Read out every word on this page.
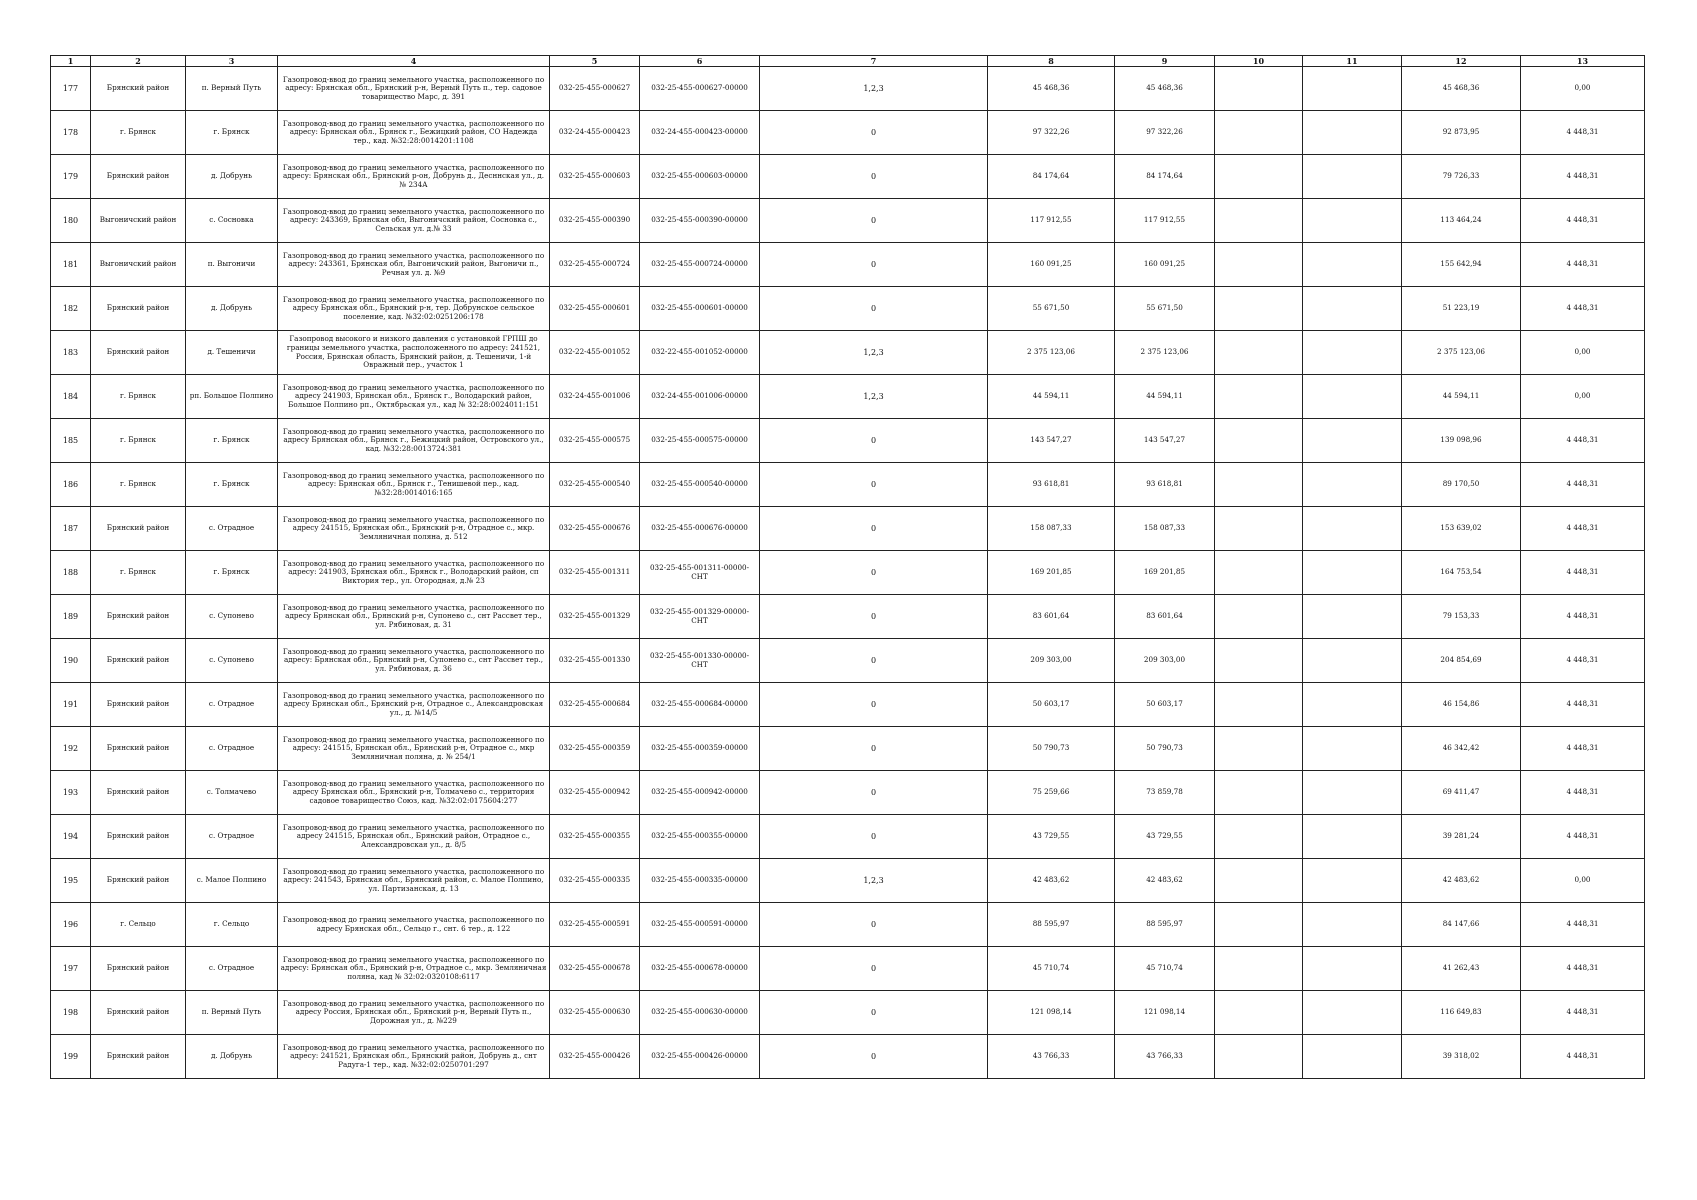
1	2	3	4	5	6	7	8	9	10	11	12	13
177	Брянский район	п. Верный Путь	Газопровод-ввод до границ земельного участка, расположенного по адресу: Брянская обл., Брянский р-н, Верный Путь п., тер. садовое товарищество Марс, д. 391	032-25-455-000627	032-25-455-000627-00000	1,2,3	45 468,36	45 468,36			45 468,36	0,00
178	г. Брянск	г. Брянск	Газопровод-ввод до границ земельного участка, расположенного по адресу: Брянская обл., Брянск г., Бежицкий район, СО Надежда тер., кад. №32:28:0014201:1108	032-24-455-000423	032-24-455-000423-00000	0	97 322,26	97 322,26			92 873,95	4 448,31
179	Брянский район	д. Добрунь	Газопровод-ввод до границ земельного участка, расположенного по адресу: Брянская обл., Брянский р-он, Добрунь д., Десннская ул., д. № 234А	032-25-455-000603	032-25-455-000603-00000	0	84 174,64	84 174,64			79 726,33	4 448,31
180	Выгоничский район	с. Сосновка	Газопровод-ввод до границ земельного участка, расположенного по адресу: 243369, Брянская обл, Выгоничский район, Сосновка с., Сельская ул. д.№ 33	032-25-455-000390	032-25-455-000390-00000	0	117 912,55	117 912,55			113 464,24	4 448,31
181	Выгоничский район	п. Выгоничи	Газопровод-ввод до границ земельного участка, расположенного по адресу: 243361, Брянская обл, Выгоничский район, Выгоничи п., Речная ул. д. №9	032-25-455-000724	032-25-455-000724-00000	0	160 091,25	160 091,25			155 642,94	4 448,31
182	Брянский район	д. Добрунь	Газопровод-ввод до границ земельного участка, расположенного по адресу Брянская обл., Брянский р-н, тер. Добрунское сельское поселение, кад. №32:02:0251206:178	032-25-455-000601	032-25-455-000601-00000	0	55 671,50	55 671,50			51 223,19	4 448,31
183	Брянский район	д. Тешеничи	Газопровод высокого и низкого давления с установкой ГРПШ до границы земельного участка, расположенного по адресу: 241521, Россия, Брянская область, Брянский район, д. Тешеничи, 1-й Овражный пер., участок 1	032-22-455-001052	032-22-455-001052-00000	1,2,3	2 375 123,06	2 375 123,06			2 375 123,06	0,00
184	г. Брянск	рп. Большое Полпино	Газопровод-ввод до границ земельного участка, расположенного по адресу 241903, Брянская обл., Брянск г., Володарский район, Большое Полпино рп., Октябрьская ул., кад № 32:28:0024011:151	032-24-455-001006	032-24-455-001006-00000	1,2,3	44 594,11	44 594,11			44 594,11	0,00
185	г. Брянск	г. Брянск	Газопровод-ввод до границ земельного участка, расположенного по адресу Брянская обл., Брянск г., Бежицкий район, Островского ул., кад. №32:28:0013724:381	032-25-455-000575	032-25-455-000575-00000	0	143 547,27	143 547,27			139 098,96	4 448,31
186	г. Брянск	г. Брянск	Газопровод-ввод до границ земельного участка, расположенного по адресу: Брянская обл., Брянск г., Тенишевой пер., кад. №32:28:0014016:165	032-25-455-000540	032-25-455-000540-00000	0	93 618,81	93 618,81			89 170,50	4 448,31
187	Брянский район	с. Отрадное	Газопровод-ввод до границ земельного участка, расположенного по адресу 241515, Брянская обл., Брянский р-н, Отрадное с., мкр. Земляничная поляна, д. 512	032-25-455-000676	032-25-455-000676-00000	0	158 087,33	158 087,33			153 639,02	4 448,31
188	г. Брянск	г. Брянск	Газопровод-ввод до границ земельного участка, расположенного по адресу: 241903, Брянская обл., Брянск г., Володарский район, сп Виктория тер., ул. Огородная, д.№ 23	032-25-455-001311	032-25-455-001311-00000-СНТ	0	169 201,85	169 201,85			164 753,54	4 448,31
189	Брянский район	с. Супонево	Газопровод-ввод до границ земельного участка, расположенного по адресу Брянская обл., Брянский р-н, Супонево с., снт Рассвет тер., ул. Рябиновая, д. 31	032-25-455-001329	032-25-455-001329-00000-СНТ	0	83 601,64	83 601,64			79 153,33	4 448,31
190	Брянский район	с. Супонево	Газопровод-ввод до границ земельного участка, расположенного по адресу: Брянская обл., Брянский р-н, Супонево с., снт Рассвет тер., ул. Рябиновая, д. 36	032-25-455-001330	032-25-455-001330-00000-СНТ	0	209 303,00	209 303,00			204 854,69	4 448,31
191	Брянский район	с. Отрадное	Газопровод-ввод до границ земельного участка, расположенного по адресу Брянская обл., Брянский р-н, Отрадное с., Александровская ул., д. №14/5	032-25-455-000684	032-25-455-000684-00000	0	50 603,17	50 603,17			46 154,86	4 448,31
192	Брянский район	с. Отрадное	Газопровод-ввод до границ земельного участка, расположенного по адресу: 241515, Брянская обл., Брянский р-н, Отрадное с., мкр Земляничная поляна, д. № 254/1	032-25-455-000359	032-25-455-000359-00000	0	50 790,73	50 790,73			46 342,42	4 448,31
193	Брянский район	с. Толмачево	Газопровод-ввод до границ земельного участка, расположенного по адресу Брянская обл., Брянский р-н, Толмачево с., территория садовое товарищество Союз, кад. №32:02:0175604:277	032-25-455-000942	032-25-455-000942-00000	0	75 259,66	73 859,78			69 411,47	4 448,31
194	Брянский район	с. Отрадное	Газопровод-ввод до границ земельного участка, расположенного по адресу 241515, Брянская обл., Брянский район, Отрадное с., Александровская ул., д. 8/5	032-25-455-000355	032-25-455-000355-00000	0	43 729,55	43 729,55			39 281,24	4 448,31
195	Брянский район	с. Малое Полпино	Газопровод-ввод до границ земельного участка, расположенного по адресу: 241543, Брянская обл., Брянский район, с. Малое Полпино, ул. Партизанская, д. 13	032-25-455-000335	032-25-455-000335-00000	1,2,3	42 483,62	42 483,62			42 483,62	0,00
196	г. Сельцо	г. Сельцо	Газопровод-ввод до границ земельного участка, расположенного по адресу Брянская обл., Сельцо г., снт. 6 тер., д. 122	032-25-455-000591	032-25-455-000591-00000	0	88 595,97	88 595,97			84 147,66	4 448,31
197	Брянский район	с. Отрадное	Газопровод-ввод до границ земельного участка, расположенного по адресу: Брянская обл., Брянский р-н, Отрадное с., мкр. Земляничная поляна, кад № 32:02:0320108:6117	032-25-455-000678	032-25-455-000678-00000	0	45 710,74	45 710,74			41 262,43	4 448,31
198	Брянский район	п. Верный Путь	Газопровод-ввод до границ земельного участка, расположенного по адресу Россия, Брянская обл., Брянский р-н, Верный Путь п., Дорожная ул., д. №229	032-25-455-000630	032-25-455-000630-00000	0	121 098,14	121 098,14			116 649,83	4 448,31
199	Брянский район	д. Добрунь	Газопровод-ввод до границ земельного участка, расположенного по адресу: 241521, Брянская обл., Брянский район, Добрунь д., снт Радуга-1 тер., кад. №32:02:0250701:297	032-25-455-000426	032-25-455-000426-00000	0	43 766,33	43 766,33			39 318,02	4 448,31
